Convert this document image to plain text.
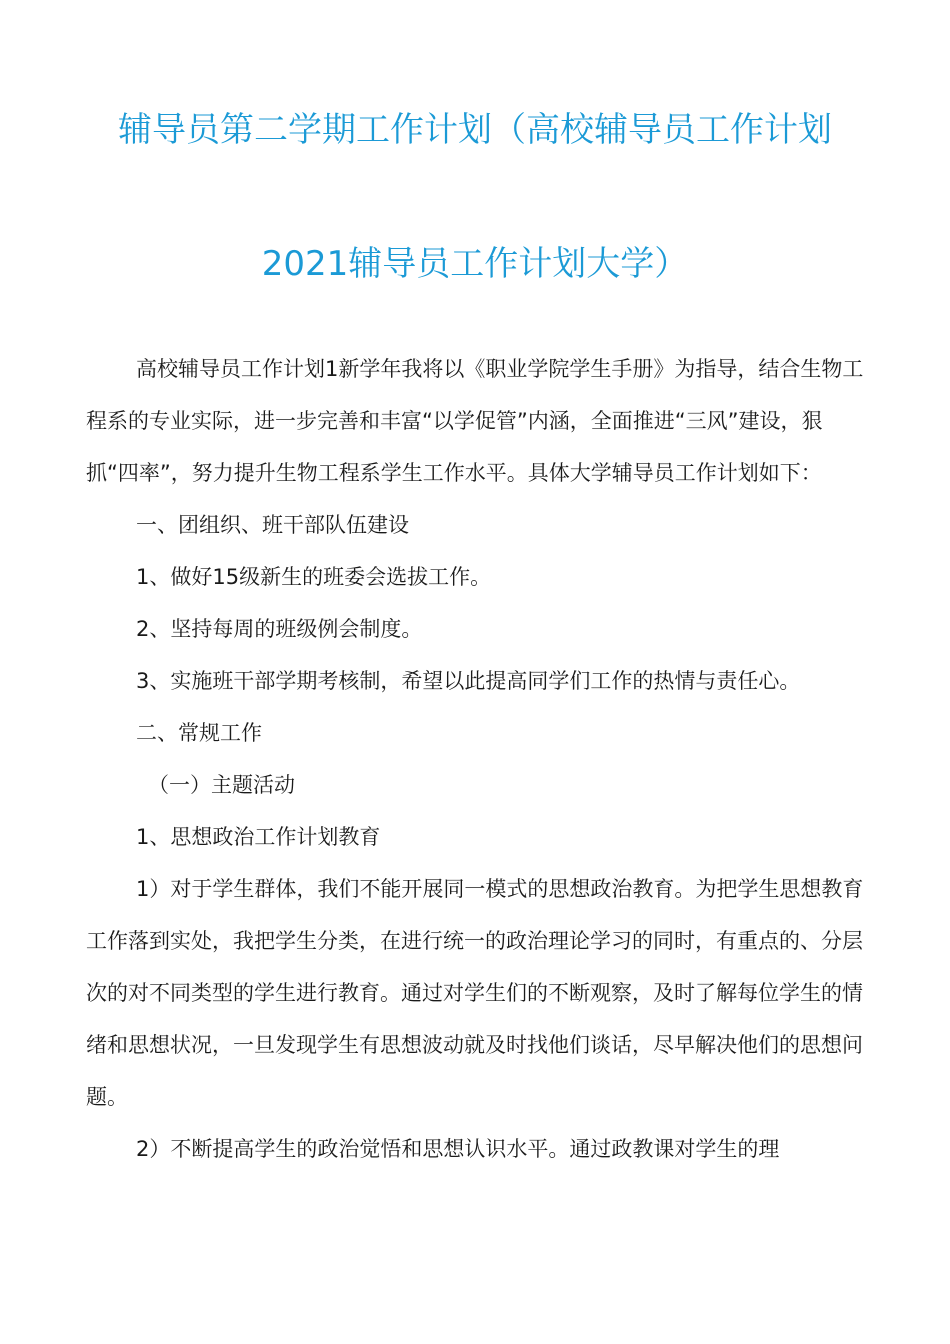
辅导员第二学期工作计划（高校辅导员工作计划
2021辅导员工作计划大学）

高校辅导员工作计划1新学年我将以《职业学院学生手册》为指导，结合生物工程系的专业实际，进一步完善和丰富“以学促管”内涵，全面推进“三风”建设，狠抓“四率”，努力提升生物工程系学生工作水平。具体大学辅导员工作计划如下：

一、团组织、班干部队伍建设

1、做好15级新生的班委会选拔工作。

2、坚持每周的班级例会制度。

3、实施班干部学期考核制，希望以此提高同学们工作的热情与责任心。

二、常规工作

（一）主题活动

1、思想政治工作计划教育

1）对于学生群体，我们不能开展同一模式的思想政治教育。为把学生思想教育工作落到实处，我把学生分类，在进行统一的政治理论学习的同时，有重点的、分层次的对不同类型的学生进行教育。通过对学生们的不断观察，及时了解每位学生的情绪和思想状况，一旦发现学生有思想波动就及时找他们谈话，尽早解决他们的思想问题。

2）不断提高学生的政治觉悟和思想认识水平。通过政教课对学生的理
